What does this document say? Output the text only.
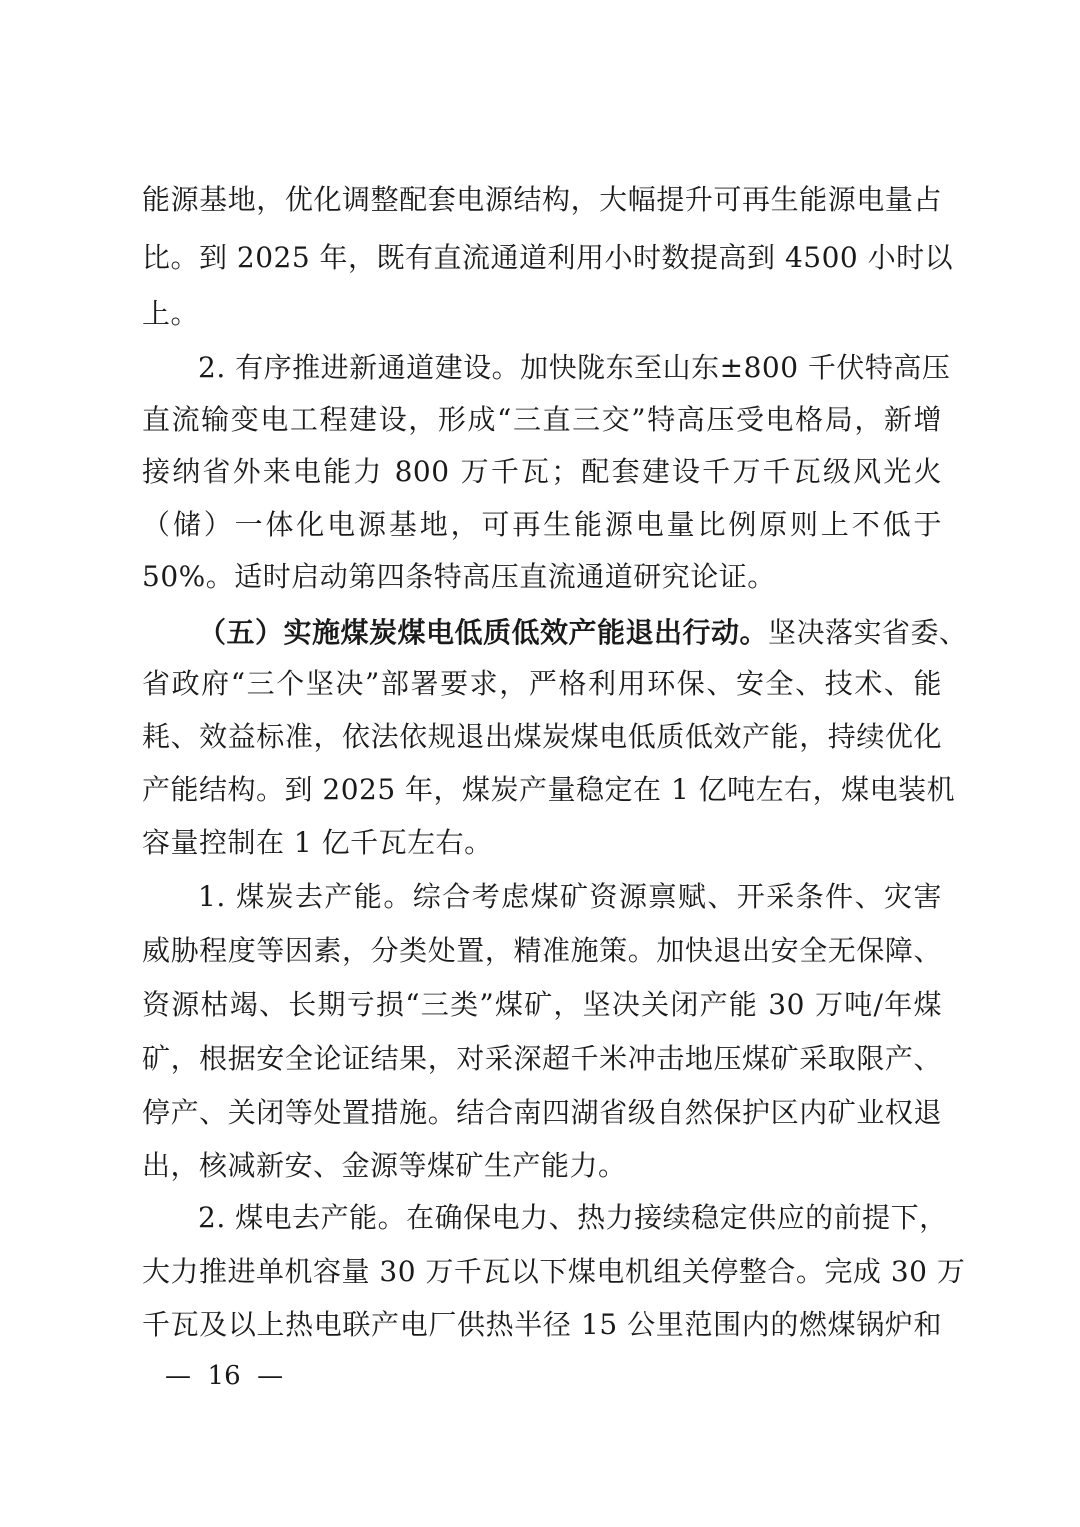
能源基地，优化调整配套电源结构，大幅提升可再生能源电量占
比。到 2025 年，既有直流通道利用小时数提高到 4500 小时以
上。
2. 有序推进新通道建设。加快陇东至山东±800 千伏特高压
直流输变电工程建设，形成“三直三交”特高压受电格局，新增
接纳省外来电能力 800 万千瓦；配套建设千万千瓦级风光火
（储）一体化电源基地，可再生能源电量比例原则上不低于
50%。适时启动第四条特高压直流通道研究论证。
（五）实施煤炭煤电低质低效产能退出行动。坚决落实省委、
省政府“三个坚决”部署要求，严格利用环保、安全、技术、能
耗、效益标准，依法依规退出煤炭煤电低质低效产能，持续优化
产能结构。到 2025 年，煤炭产量稳定在 1 亿吨左右，煤电装机
容量控制在 1 亿千瓦左右。
1. 煤炭去产能。综合考虑煤矿资源禀赋、开采条件、灾害
威胁程度等因素，分类处置，精准施策。加快退出安全无保障、
资源枯竭、长期亏损“三类”煤矿，坚决关闭产能 30 万吨/年煤
矿，根据安全论证结果，对采深超千米冲击地压煤矿采取限产、
停产、关闭等处置措施。结合南四湖省级自然保护区内矿业权退
出，核减新安、金源等煤矿生产能力。
2. 煤电去产能。在确保电力、热力接续稳定供应的前提下，
大力推进单机容量 30 万千瓦以下煤电机组关停整合。完成 30 万
千瓦及以上热电联产电厂供热半径 15 公里范围内的燃煤锅炉和
—  16  —
